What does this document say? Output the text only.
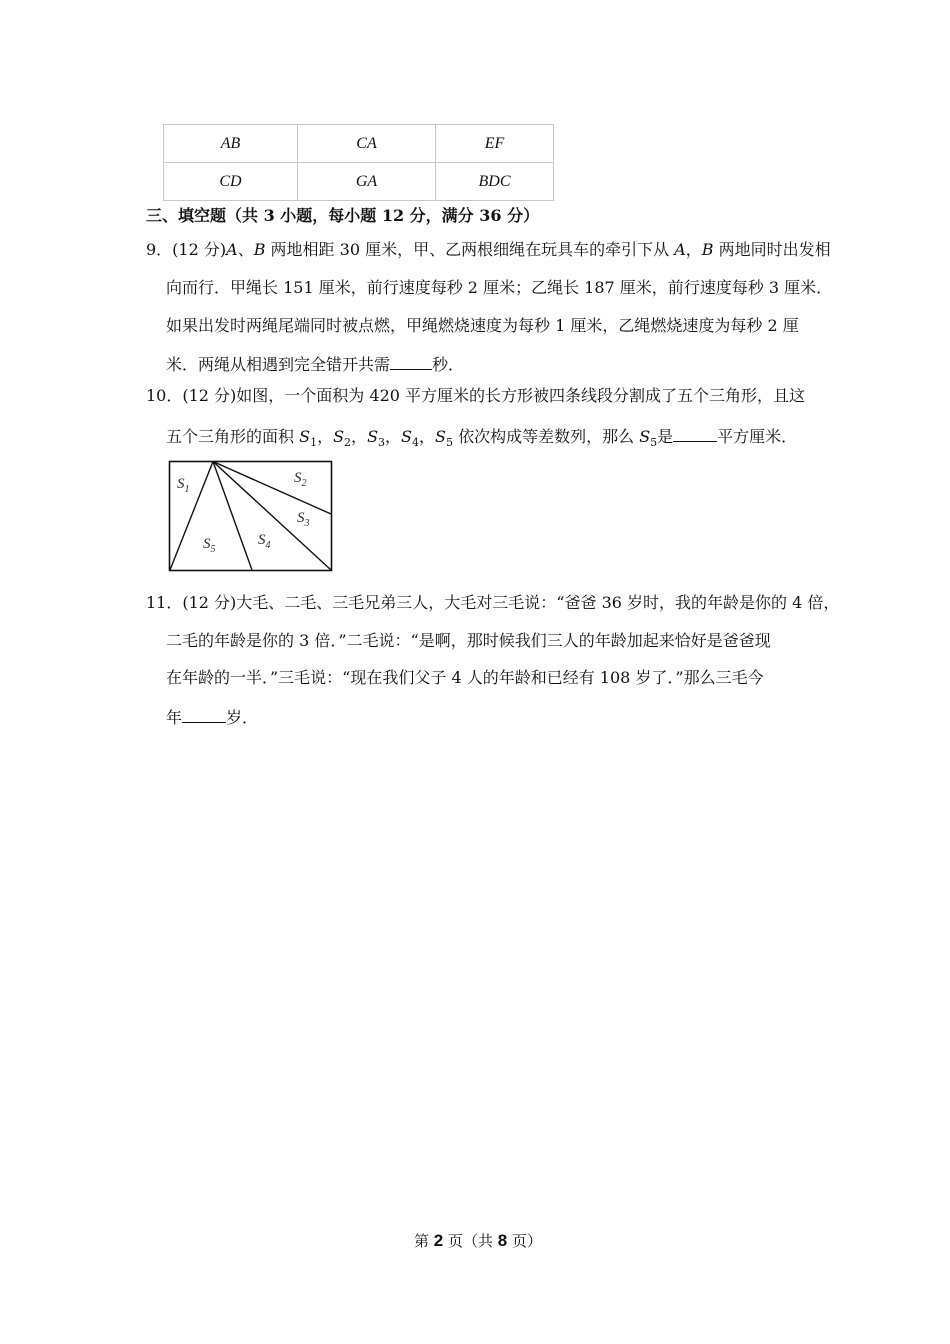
AB	CA	EF
CD	GA	BDC
三、填空题（共 3 小题，每小题 12 分，满分 36 分）
9．(12 分)A、B 两地相距 30 厘米，甲、乙两根细绳在玩具车的牵引下从 A，B 两地同时出发相
向而行．甲绳长 151 厘米，前行速度每秒 2 厘米；乙绳长 187 厘米，前行速度每秒 3 厘米．
如果出发时两绳尾端同时被点燃，甲绳燃烧速度为每秒 1 厘米，乙绳燃烧速度为每秒 2 厘
米．两绳从相遇到完全错开共需	秒．
10．(12 分)如图，一个面积为 420 平方厘米的长方形被四条线段分割成了五个三角形，且这
五个三角形的面积 $S_1$，$S_2$，$S_3$，$S_4$，$S_5$ 依次构成等差数列，那么 $S_5$是	平方厘米．
$S_1$
$S_2$
$S_3$
$S_4$
$S_5$
11．(12 分)大毛、二毛、三毛兄弟三人，大毛对三毛说：“爸爸 36 岁时，我的年龄是你的 4 倍，
二毛的年龄是你的 3 倍．”二毛说：“是啊，那时候我们三人的年龄加起来恰好是爸爸现
在年龄的一半．”三毛说：“现在我们父子 4 人的年龄和已经有 108 岁了．”那么三毛今
年	岁．
第 2 页（共 8 页）
